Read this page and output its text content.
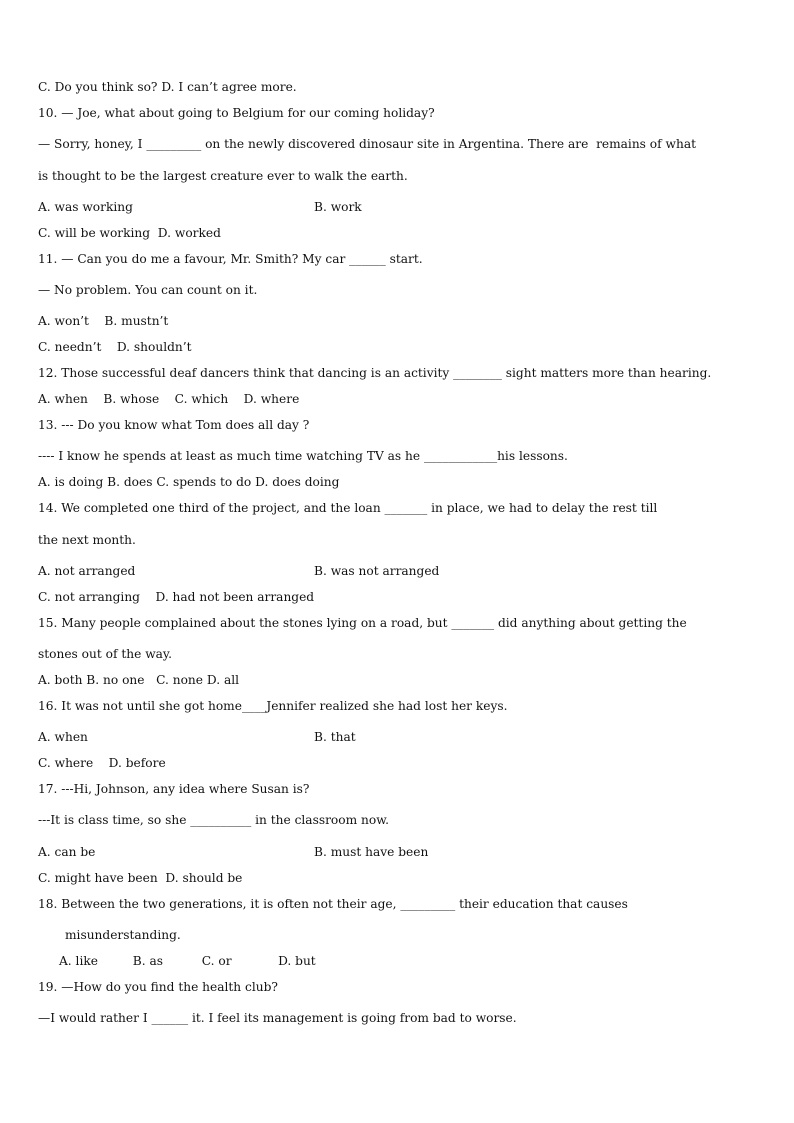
C. Do you think so? D. I can’t agree more.
10. — Joe, what about going to Belgium for our coming holiday?
— Sorry, honey, I _________ on the newly discovered dinosaur site in Argentina. There are  remains of what
is thought to be the largest creature ever to walk the earth.
A. was working	B. work
C. will be working  D. worked
11. — Can you do me a favour, Mr. Smith? My car ______ start.
— No problem. You can count on it.
A. won’t    B. mustn’t
C. needn’t    D. shouldn’t
12. Those successful deaf dancers think that dancing is an activity ________ sight matters more than hearing.
A. when    B. whose    C. which    D. where
13. --- Do you know what Tom does all day ?
---- I know he spends at least as much time watching TV as he ____________his lessons.
A. is doing B. does C. spends to do D. does doing
14. We completed one third of the project, and the loan _______ in place, we had to delay the rest till
the next month.
A. not arranged	B. was not arranged
C. not arranging    D. had not been arranged
15. Many people complained about the stones lying on a road, but _______ did anything about getting the
stones out of the way.
A. both B. no one   C. none D. all
16. It was not until she got home____Jennifer realized she had lost her keys.
A. when	B. that
C. where    D. before
17. ---Hi, Johnson, any idea where Susan is?
---It is class time, so she __________ in the classroom now.
A. can be	B. must have been
C. might have been  D. should be
18. Between the two generations, it is often not their age, _________ their education that causes
misunderstanding.
A. like         B. as          C. or            D. but
19. —How do you find the health club?
—I would rather I ______ it. I feel its management is going from bad to worse.
